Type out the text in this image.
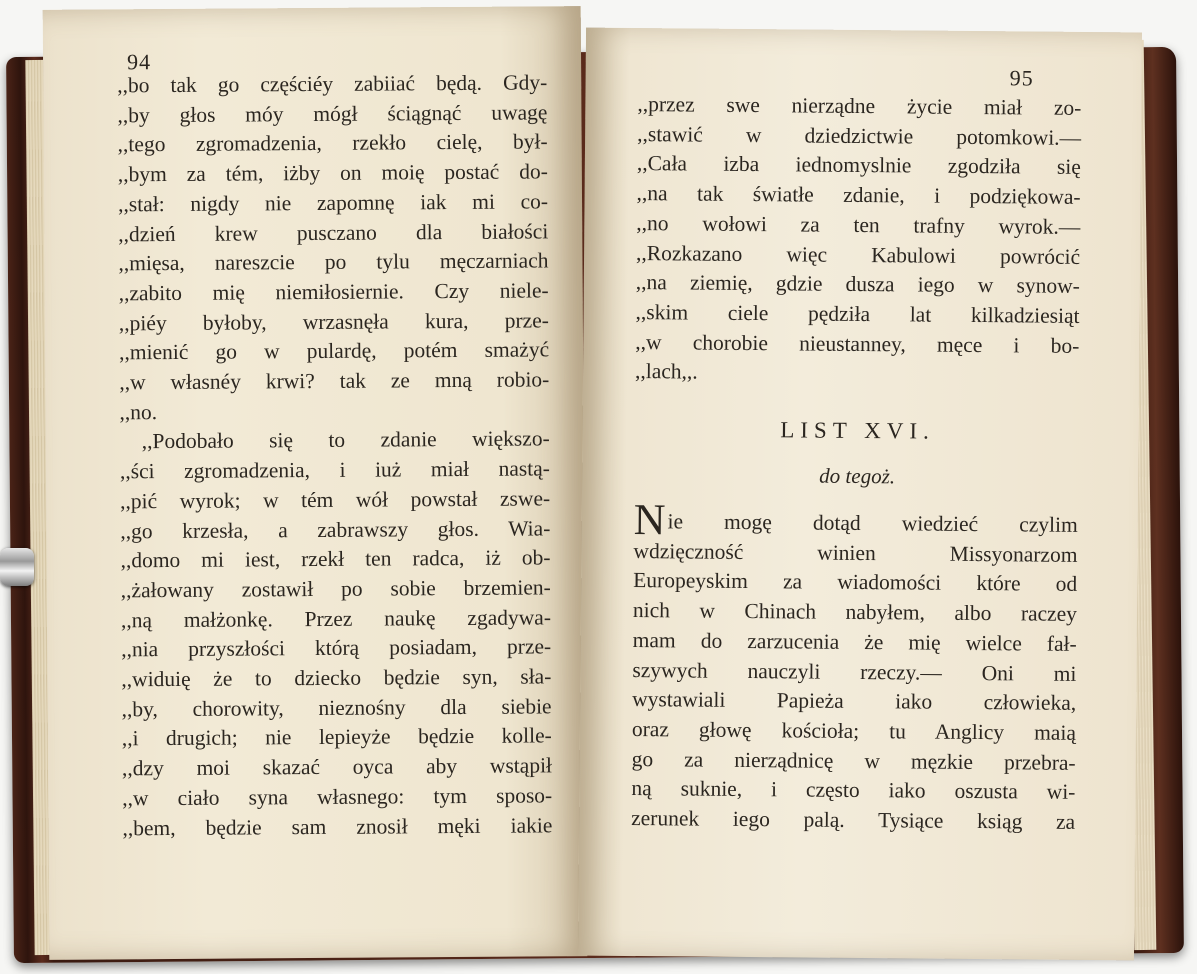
94
,,bo tak go częściéy zabiiać będą. Gdy-
,,by głos móy mógł ściągnąć uwagę
,,tego zgromadzenia, rzekło cielę, był-
,,bym za tém, iżby on moię postać do-
,,stał: nigdy nie zapomnę iak mi co-
,,dzień krew pusczano dla białości
,,mięsa, nareszcie po tylu męczarniach
,,zabito mię niemiłosiernie. Czy niele-
,,piéy byłoby, wrzasnęła kura, prze-
,,mienić go w pulardę, potém smażyć
,,w własnéy krwi? tak ze mną robio-
,,no.
,,Podobało się to zdanie większo-
,,ści zgromadzenia, i iuż miał nastą-
,,pić wyrok; w tém wół powstał zswe-
,,go krzesła, a zabrawszy głos. Wia-
,,domo mi iest, rzekł ten radca, iż ob-
,,żałowany zostawił po sobie brzemien-
,,ną małżonkę. Przez naukę zgadywa-
,,nia przyszłości którą posiadam, prze-
,,widuię że to dziecko będzie syn, sła-
,,by, chorowity, nieznośny dla siebie
,,i drugich; nie lepieyże będzie kolle-
,,dzy moi skazać oyca aby wstąpił
,,w ciało syna własnego: tym sposo-
,,bem, będzie sam znosił męki iakie
95
,,przez swe nierządne życie miał zo-
,,stawić w dziedzictwie potomkowi.—
,,Cała izba iednomyslnie zgodziła się
,,na tak światłe zdanie, i podziękowa-
,,no wołowi za ten trafny wyrok.—
,,Rozkazano więc Kabulowi powrócić
,,na ziemię, gdzie dusza iego w synow-
,,skim ciele pędziła lat kilkadziesiąt
,,w chorobie nieustanney, męce i bo-
,,lach,,.
LIST XVI.
do tegoż.
Nie mogę dotąd wiedzieć czylim
wdzięczność winien Missyonarzom
Europeyskim za wiadomości które od
nich w Chinach nabyłem, albo raczey
mam do zarzucenia że mię wielce fał-
szywych nauczyli rzeczy.— Oni mi
wystawiali Papieża iako człowieka,
oraz głowę kościoła; tu Anglicy maią
go za nierządnicę w męzkie przebra-
ną suknie, i często iako oszusta wi-
zerunek iego palą. Tysiące ksiąg za
